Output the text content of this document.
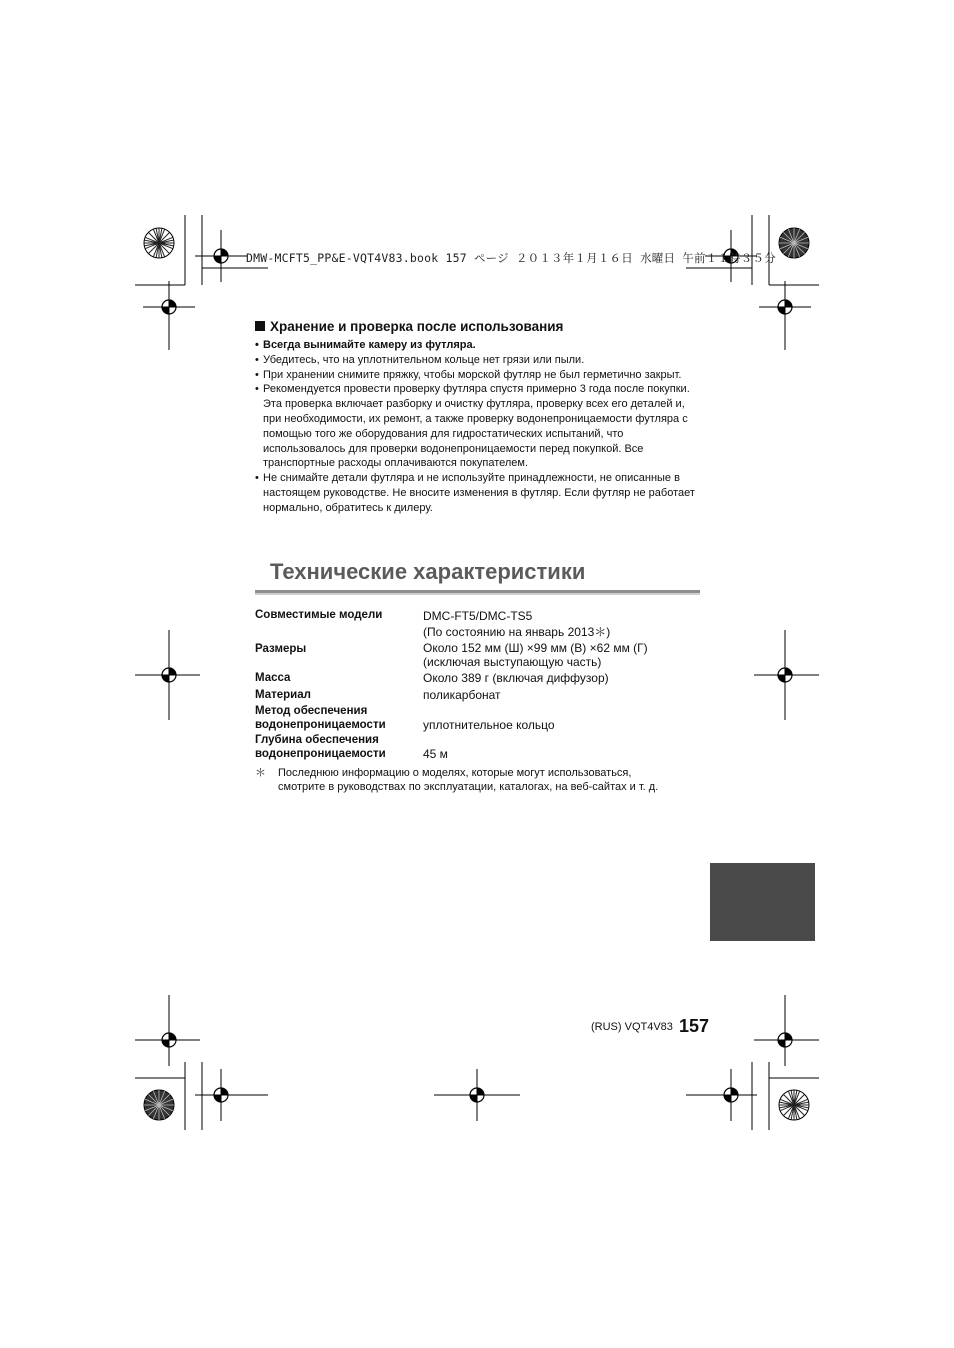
DMW-MCFT5_PP&E-VQT4V83.book 157 ページ ２０１３年１月１６日 水曜日 午前１１時３５分
Хранение и проверка после использования
• Всегда вынимайте камеру из футляра.
• Убедитесь, что на уплотнительном кольце нет грязи или пыли.
• При хранении снимите пряжку, чтобы морской футляр не был герметично закрыт.
• Рекомендуется провести проверку футляра спустя примерно 3 года после покупки. Эта проверка включает разборку и очистку футляра, проверку всех его деталей и, при необходимости, их ремонт, а также проверку водонепроницаемости футляра с помощью того же оборудования для гидростатических испытаний, что использовалось для проверки водонепроницаемости перед покупкой. Все транспортные расходы оплачиваются покупателем.
• Не снимайте детали футляра и не используйте принадлежности, не описанные в настоящем руководстве. Не вносите изменения в футляр. Если футляр не работает нормально, обратитесь к дилеру.
Технические характеристики
Совместимые модели	DMC-FT5/DMC-TS5
(По состоянию на январь 2013＊)
Размеры	Около 152 мм (Ш) ×99 мм (В) ×62 мм (Г)
(исключая выступающую часть)
Масса	Около 389 г (включая диффузор)
Материал	поликарбонат
Метод обеспечения
водонепроницаемости	уплотнительное кольцо
Глубина обеспечения
водонепроницаемости	45 м
＊ Последнюю информацию о моделях, которые могут использоваться, смотрите в руководствах по эксплуатации, каталогах, на веб-сайтах и т. д.
(RUS) VQT4V83 157
